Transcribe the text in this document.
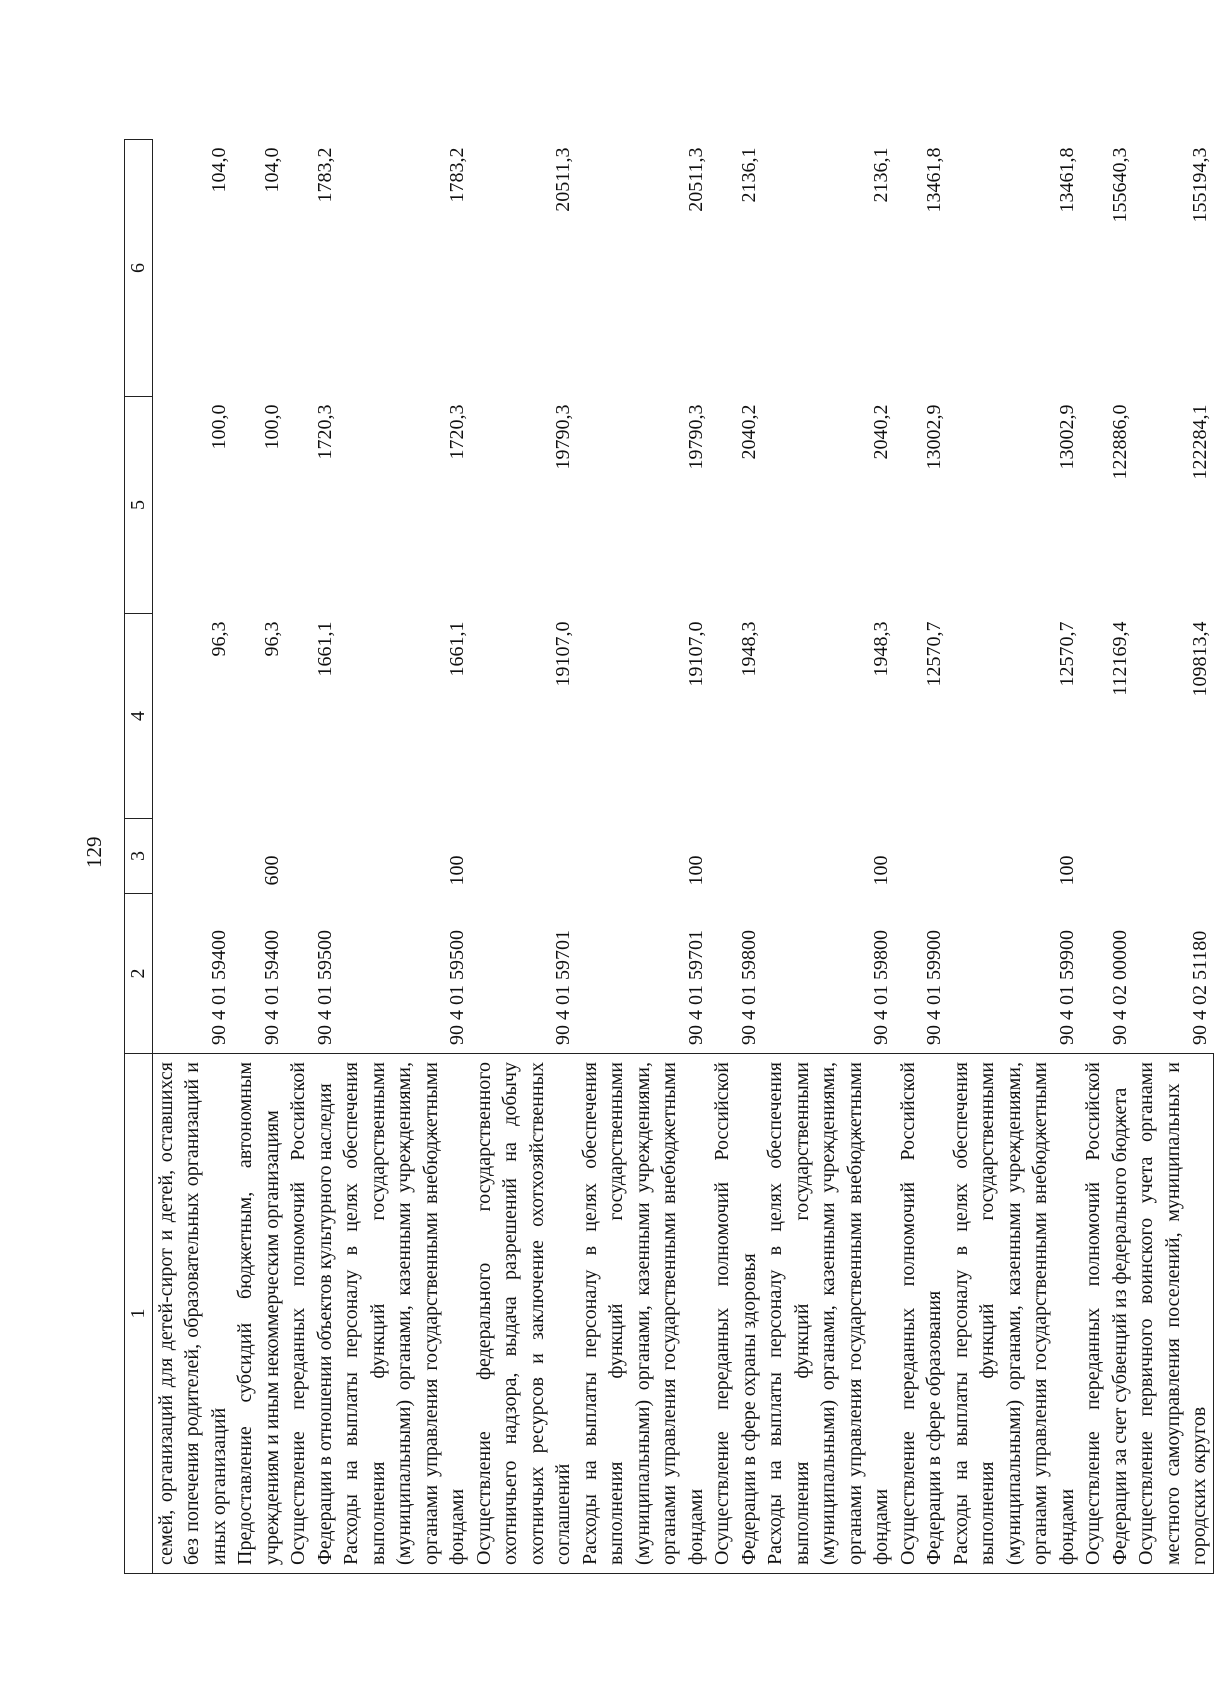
129
1	2	3	4	5	6
семей, организаций для детей-сирот и детей, оставшихся без попечения родителей, образовательных организаций и иных организаций	90 4 01 59400		96,3	100,0	104,0
Предоставление субсидий бюджетным, автономным учреждениям и иным некоммерческим организациям	90 4 01 59400	600	96,3	100,0	104,0
Осуществление переданных полномочий Российской Федерации в отношении объектов культурного наследия	90 4 01 59500		1661,1	1720,3	1783,2
Расходы на выплаты персоналу в целях обеспечения выполнения функций государственными (муниципальными) органами, казенными учреждениями, органами управления государственными внебюджетными фондами	90 4 01 59500	100	1661,1	1720,3	1783,2
Осуществление федерального государственного охотничьего надзора, выдача разрешений на добычу охотничьих ресурсов и заключение охотхозяйственных соглашений	90 4 01 59701		19107,0	19790,3	20511,3
Расходы на выплаты персоналу в целях обеспечения выполнения функций государственными (муниципальными) органами, казенными учреждениями, органами управления государственными внебюджетными фондами	90 4 01 59701	100	19107,0	19790,3	20511,3
Осуществление переданных полномочий Российской Федерации в сфере охраны здоровья	90 4 01 59800		1948,3	2040,2	2136,1
Расходы на выплаты персоналу в целях обеспечения выполнения функций государственными (муниципальными) органами, казенными учреждениями, органами управления государственными внебюджетными фондами	90 4 01 59800	100	1948,3	2040,2	2136,1
Осуществление переданных полномочий Российской Федерации в сфере образования	90 4 01 59900		12570,7	13002,9	13461,8
Расходы на выплаты персоналу в целях обеспечения выполнения функций государственными (муниципальными) органами, казенными учреждениями, органами управления государственными внебюджетными фондами	90 4 01 59900	100	12570,7	13002,9	13461,8
Осуществление переданных полномочий Российской Федерации за счет субвенций из федерального бюджета	90 4 02 00000		112169,4	122886,0	155640,3
Осуществление первичного воинского учета органами местного самоуправления поселений, муниципальных и городских округов	90 4 02 51180		109813,4	122284,1	155194,3
